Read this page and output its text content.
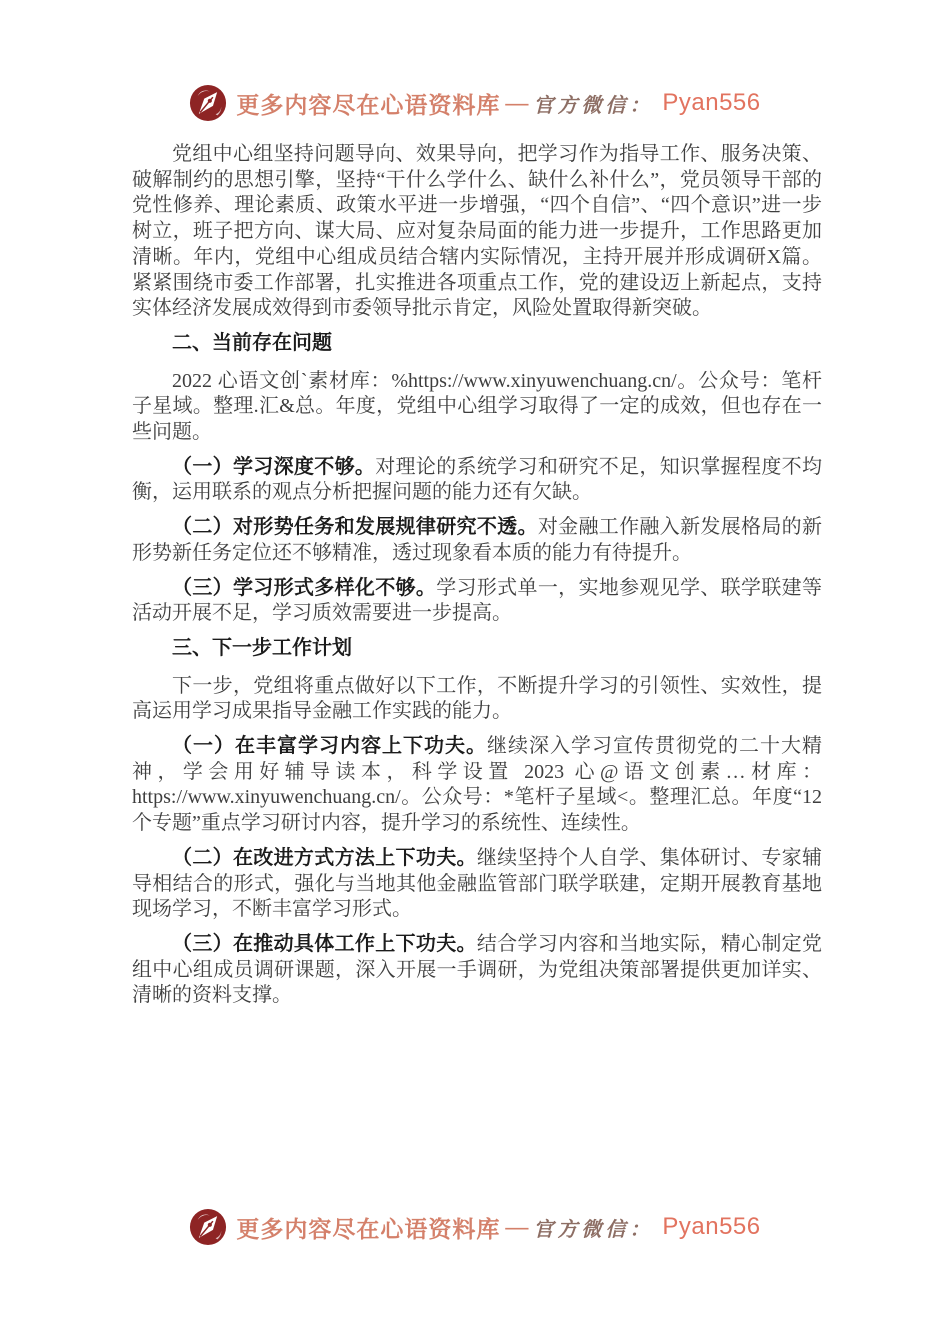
更多内容尽在心语资料库 — 官方微信： Pyan556

党组中心组坚持问题导向、效果导向，把学习作为指导工作、服务决策、破解制约的思想引擎，坚持“干什么学什么、缺什么补什么”，党员领导干部的党性修养、理论素质、政策水平进一步增强，“四个自信”、“四个意识”进一步树立，班子把方向、谋大局、应对复杂局面的能力进一步提升，工作思路更加清晰。年内，党组中心组成员结合辖内实际情况，主持开展并形成调研X篇。紧紧围绕市委工作部署，扎实推进各项重点工作，党的建设迈上新起点，支持实体经济发展成效得到市委领导批示肯定，风险处置取得新突破。

二、当前存在问题

2022 心语文创`素材库：%https://www.xinyuwenchuang.cn/。公众号：笔杆子星域。整理.汇&总。年度，党组中心组学习取得了一定的成效，但也存在一些问题。

（一）学习深度不够。对理论的系统学习和研究不足，知识掌握程度不均衡，运用联系的观点分析把握问题的能力还有欠缺。

（二）对形势任务和发展规律研究不透。对金融工作融入新发展格局的新形势新任务定位还不够精准，透过现象看本质的能力有待提升。

（三）学习形式多样化不够。学习形式单一，实地参观见学、联学联建等活动开展不足，学习质效需要进一步提高。

三、下一步工作计划

下一步，党组将重点做好以下工作，不断提升学习的引领性、实效性，提高运用学习成果指导金融工作实践的能力。

（一）在丰富学习内容上下功夫。继续深入学习宣传贯彻党的二十大精神，学会用好辅导读本，科学设置 2023 心@语文创素…材库： https://www.xinyuwenchuang.cn/。公众号：*笔杆子星域<。整理汇总。年度“12 个专题”重点学习研讨内容，提升学习的系统性、连续性。

（二）在改进方式方法上下功夫。继续坚持个人自学、集体研讨、专家辅导相结合的形式，强化与当地其他金融监管部门联学联建，定期开展教育基地现场学习，不断丰富学习形式。

（三）在推动具体工作上下功夫。结合学习内容和当地实际，精心制定党组中心组成员调研课题，深入开展一手调研，为党组决策部署提供更加详实、清晰的资料支撑。

更多内容尽在心语资料库 — 官方微信： Pyan556
